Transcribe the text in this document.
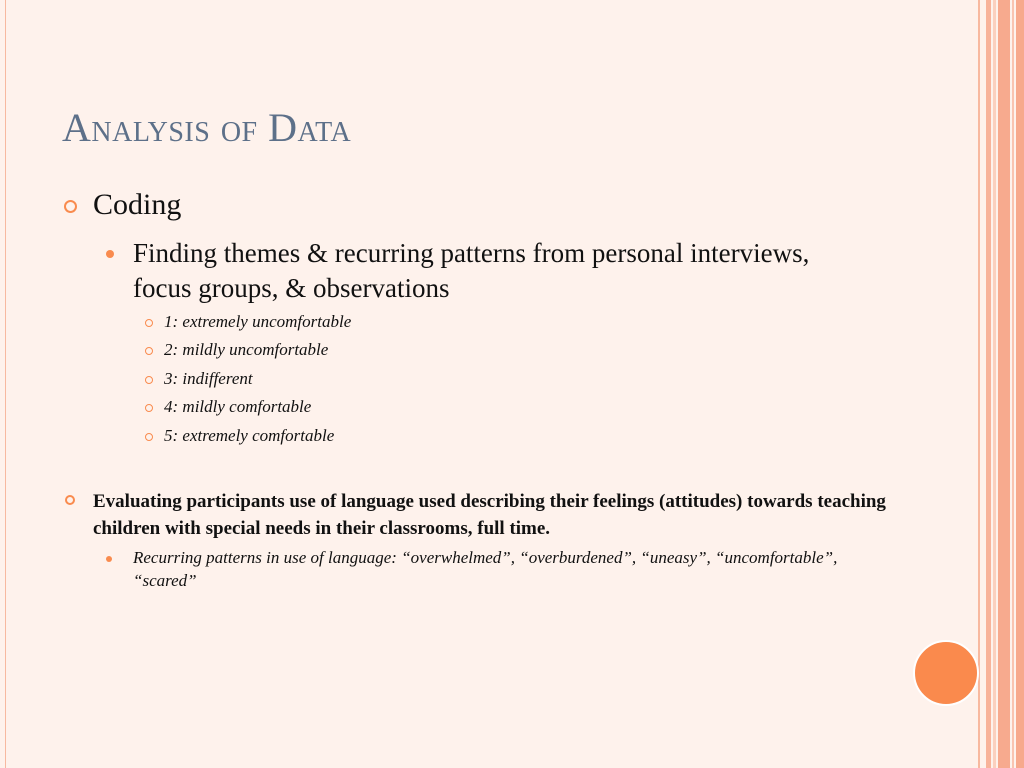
Analysis of Data
Coding
Finding themes & recurring patterns from personal interviews, focus groups, & observations
1: extremely uncomfortable
2: mildly uncomfortable
3: indifferent
4: mildly comfortable
5: extremely comfortable
Evaluating participants use of language used describing their feelings (attitudes) towards teaching children with special needs in their classrooms, full time.
Recurring patterns in use of language: “overwhelmed”, “overburdened”, “uneasy”, “uncomfortable”, “scared”
